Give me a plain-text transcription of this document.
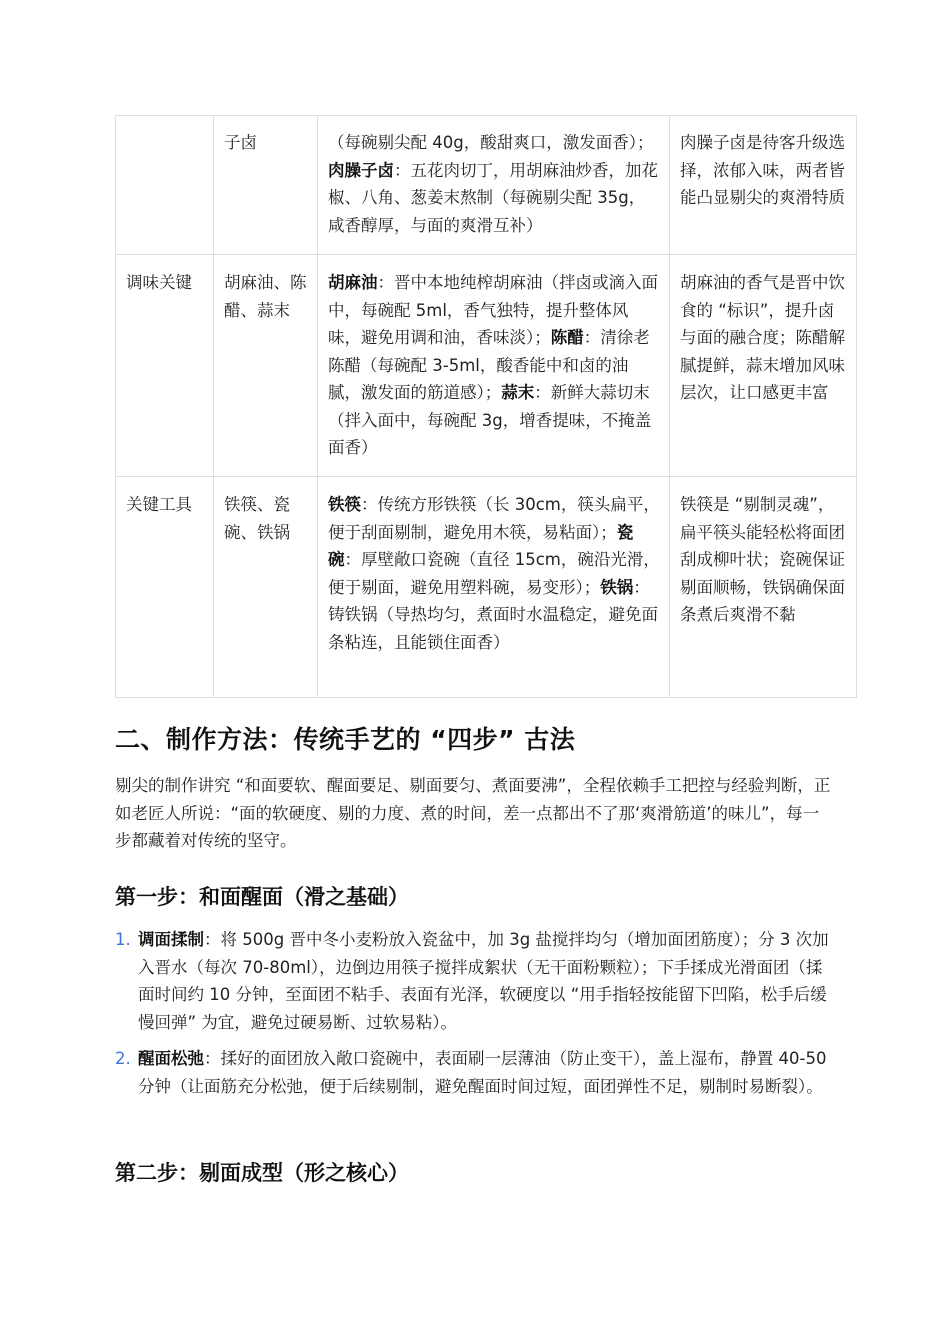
	子卤	（每碗剔尖配 40g，酸甜爽口，激发面香）；肉臊子卤：五花肉切丁，用胡麻油炒香，加花椒、八角、葱姜末熬制（每碗剔尖配 35g，咸香醇厚，与面的爽滑互补）	肉臊子卤是待客升级选择，浓郁入味，两者皆能凸显剔尖的爽滑特质
调味关键	胡麻油、陈醋、蒜末	胡麻油：晋中本地纯榨胡麻油（拌卤或滴入面中，每碗配 5ml，香气独特，提升整体风味，避免用调和油，香味淡）；陈醋：清徐老陈醋（每碗配 3-5ml，酸香能中和卤的油腻，激发面的筋道感）；蒜末：新鲜大蒜切末（拌入面中，每碗配 3g，增香提味，不掩盖面香）	胡麻油的香气是晋中饮食的 “标识”，提升卤与面的融合度；陈醋解腻提鲜，蒜末增加风味层次，让口感更丰富
关键工具	铁筷、瓷碗、铁锅	铁筷：传统方形铁筷（长 30cm，筷头扁平，便于刮面剔制，避免用木筷，易粘面）；瓷碗：厚壁敞口瓷碗（直径 15cm，碗沿光滑，便于剔面，避免用塑料碗，易变形）；铁锅：铸铁锅（导热均匀，煮面时水温稳定，避免面条粘连，且能锁住面香）	铁筷是 “剔制灵魂”，扁平筷头能轻松将面团刮成柳叶状；瓷碗保证剔面顺畅，铁锅确保面条煮后爽滑不黏
二、制作方法：传统手艺的 “四步” 古法

剔尖的制作讲究 “和面要软、醒面要足、剔面要匀、煮面要沸”，全程依赖手工把控与经验判断，正如老匠人所说：“面的软硬度、剔的力度、煮的时间，差一点都出不了那‘爽滑筋道’的味儿”，每一步都藏着对传统的坚守。

第一步：和面醒面（滑之基础）
1. 调面揉制：将 500g 晋中冬小麦粉放入瓷盆中，加 3g 盐搅拌均匀（增加面团筋度）；分 3 次加入晋水（每次 70-80ml），边倒边用筷子搅拌成絮状（无干面粉颗粒）；下手揉成光滑面团（揉面时间约 10 分钟，至面团不粘手、表面有光泽，软硬度以 “用手指轻按能留下凹陷，松手后缓慢回弹” 为宜，避免过硬易断、过软易粘）。
2. 醒面松弛：揉好的面团放入敞口瓷碗中，表面刷一层薄油（防止变干），盖上湿布，静置 40-50 分钟（让面筋充分松弛，便于后续剔制，避免醒面时间过短，面团弹性不足，剔制时易断裂）。
第二步：剔面成型（形之核心）
